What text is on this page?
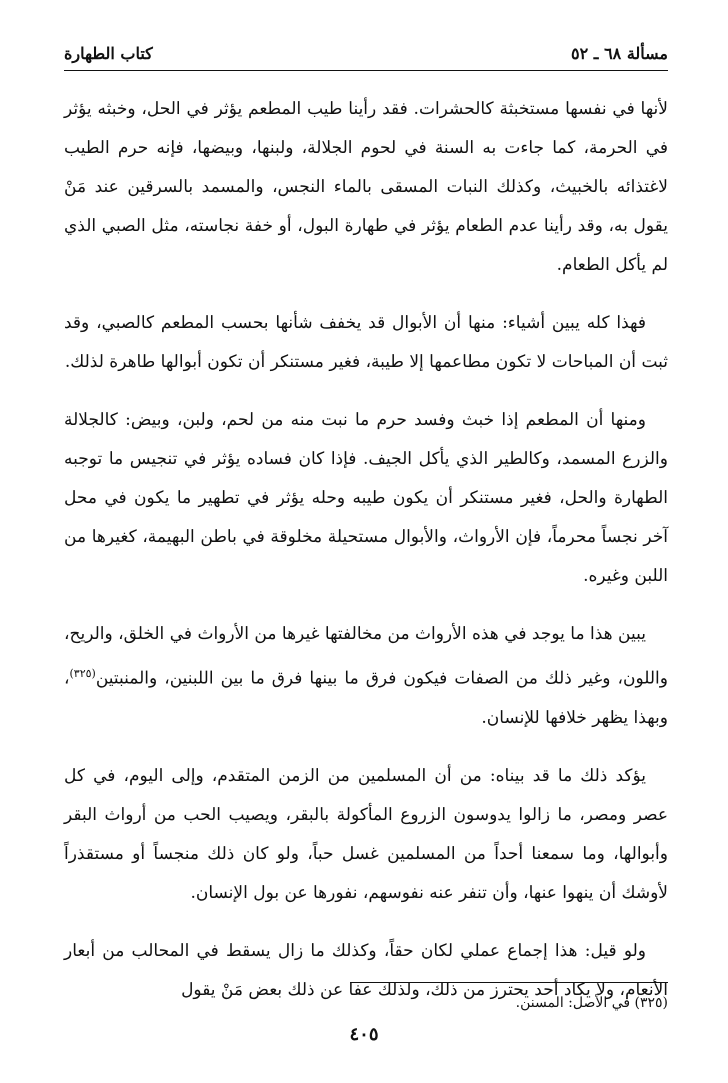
مسألة ٦٨ ـ ٥٢
كتاب الطهارة

لأنها في نفسها مستخبثة كالحشرات. فقد رأينا طيب المطعم يؤثر في الحل، وخبثه يؤثر في الحرمة، كما جاءت به السنة في لحوم الجلالة، ولبنها، وبيضها، فإنه حرم الطيب لاغتذائه بالخبيث، وكذلك النبات المسقى بالماء النجس، والمسمد بالسرقين عند مَنْ يقول به، وقد رأينا عدم الطعام يؤثر في طهارة البول، أو خفة نجاسته، مثل الصبي الذي لم يأكل الطعام.

فهذا كله يبين أشياء: منها أن الأبوال قد يخفف شأنها بحسب المطعم كالصبي، وقد ثبت أن المباحات لا تكون مطاعمها إلا طيبة، فغير مستنكر أن تكون أبوالها طاهرة لذلك.

ومنها أن المطعم إذا خبث وفسد حرم ما نبت منه من لحم، ولبن، وبيض: كالجلالة والزرع المسمد، وكالطير الذي يأكل الجيف. فإذا كان فساده يؤثر في تنجيس ما توجبه الطهارة والحل، فغير مستنكر أن يكون طيبه وحله يؤثر في تطهير ما يكون في محل آخر نجساً محرماً، فإن الأرواث، والأبوال مستحيلة مخلوقة في باطن البهيمة، كغيرها من اللبن وغيره.

يبين هذا ما يوجد في هذه الأرواث من مخالفتها غيرها من الأرواث في الخلق، والريح، واللون، وغير ذلك من الصفات فيكون فرق ما بينها فرق ما بين اللبنين، والمنبتين$^{(٣٢٥)}$، وبهذا يظهر خلافها للإنسان.

يؤكد ذلك ما قد بيناه: من أن المسلمين من الزمن المتقدم، وإلى اليوم، في كل عصر ومصر، ما زالوا يدوسون الزروع المأكولة بالبقر، ويصيب الحب من أرواث البقر وأبوالها، وما سمعنا أحداً من المسلمين غسل حباً، ولو كان ذلك منجساً أو مستقذراً لأوشك أن ينهوا عنها، وأن تنفر عنه نفوسهم، نفورها عن بول الإنسان.

ولو قيل: هذا إجماع عملي لكان حقاً، وكذلك ما زال يسقط في المحالب من أبعار الأنعام، ولا يكاد أحد يحترز من ذلك، ولذلك عفا عن ذلك بعض مَنْ يقول

(٣٢٥) في الأصل: المسنن.
٤٠٥
